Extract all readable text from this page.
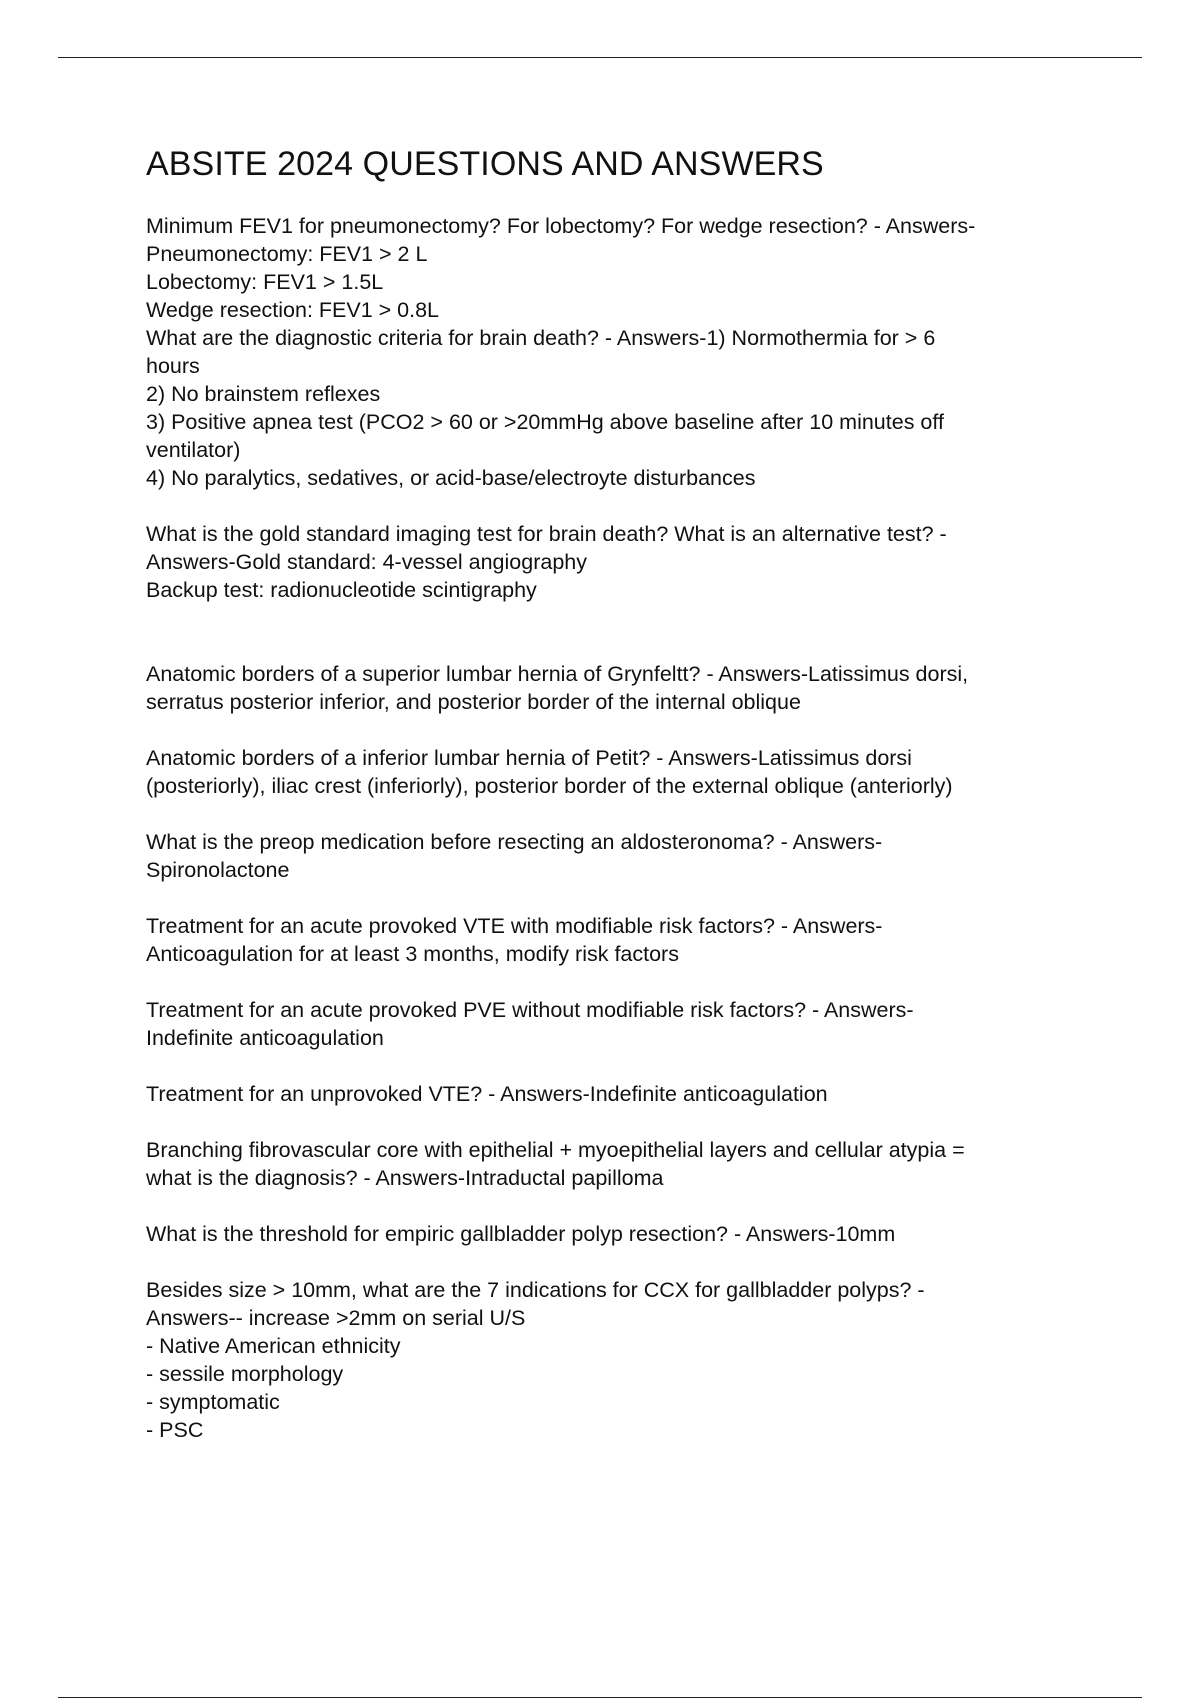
ABSITE 2024 QUESTIONS AND ANSWERS
Minimum FEV1 for pneumonectomy? For lobectomy? For wedge resection? - Answers-
Pneumonectomy: FEV1 > 2 L
Lobectomy: FEV1 > 1.5L
Wedge resection: FEV1 > 0.8L
What are the diagnostic criteria for brain death? - Answers-1) Normothermia for > 6
hours
2) No brainstem reflexes
3) Positive apnea test (PCO2 > 60 or >20mmHg above baseline after 10 minutes off
ventilator)
4) No paralytics, sedatives, or acid-base/electroyte disturbances
What is the gold standard imaging test for brain death? What is an alternative test? -
Answers-Gold standard: 4-vessel angiography
Backup test: radionucleotide scintigraphy
Anatomic borders of a superior lumbar hernia of Grynfeltt? - Answers-Latissimus dorsi,
serratus posterior inferior, and posterior border of the internal oblique
Anatomic borders of a inferior lumbar hernia of Petit? - Answers-Latissimus dorsi
(posteriorly), iliac crest (inferiorly), posterior border of the external oblique (anteriorly)
What is the preop medication before resecting an aldosteronoma? - Answers-
Spironolactone
Treatment for an acute provoked VTE with modifiable risk factors? - Answers-
Anticoagulation for at least 3 months, modify risk factors
Treatment for an acute provoked PVE without modifiable risk factors? - Answers-
Indefinite anticoagulation
Treatment for an unprovoked VTE? - Answers-Indefinite anticoagulation
Branching fibrovascular core with epithelial + myoepithelial layers and cellular atypia =
what is the diagnosis? - Answers-Intraductal papilloma
What is the threshold for empiric gallbladder polyp resection? - Answers-10mm
Besides size > 10mm, what are the 7 indications for CCX for gallbladder polyps? -
Answers-- increase >2mm on serial U/S
- Native American ethnicity
- sessile morphology
- symptomatic
- PSC
